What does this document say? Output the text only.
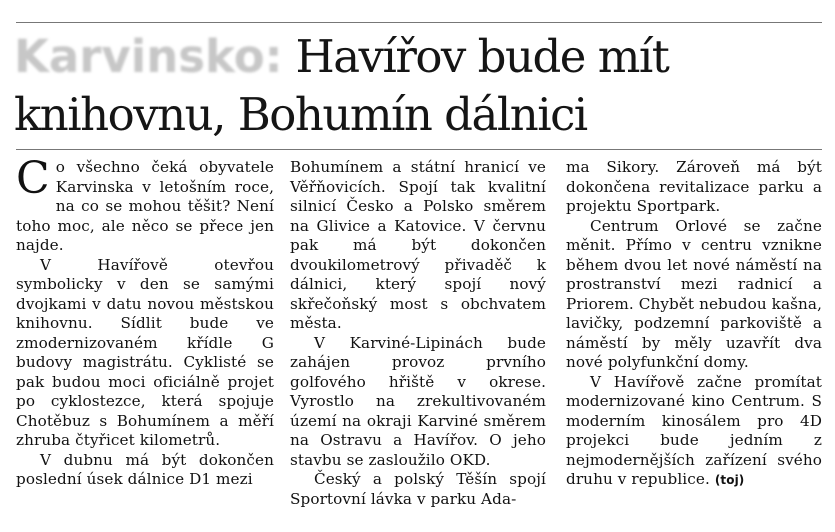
Karvinsko: Havířov bude mít knihovnu, Bohumín dálnici

Co všechno čeká obyvatele Karvinska v letošním roce, na co se mohou těšit? Není toho moc, ale něco se přece jen najde.

V Havířově otevřou symbolicky v den se samými dvojkami v datu novou městskou knihovnu. Sídlit bude ve zmodernizovaném křídle G budovy magistrátu. Cyklisté se pak budou moci oficiálně projet po cyklostezce, která spojuje Chotěbuz s Bohumínem a měří zhruba čtyřicet kilometrů.

V dubnu má být dokončen poslední úsek dálnice D1 mezi

Bohumínem a státní hranicí ve Věřňovicích. Spojí tak kvalitní silnicí Česko a Polsko směrem na Glivice a Katovice. V červnu pak má být dokončen dvoukilometrový přivaděč k dálnici, který spojí nový skřečoňský most s obchvatem města.

V Karviné-Lipinách bude zahájen provoz prvního golfového hřiště v okrese. Vyrostlo na zrekultivovaném území na okraji Karviné směrem na Ostravu a Havířov. O jeho stavbu se zasloužilo OKD.

Český a polský Těšín spojí Sportovní lávka v parku Ada-

ma Sikory. Zároveň má být dokončena revitalizace parku a projektu Sportpark.

Centrum Orlové se začne měnit. Přímo v centru vznikne během dvou let nové náměstí na prostranství mezi radnicí a Priorem. Chybět nebudou kašna, lavičky, podzemní parkoviště a náměstí by měly uzavřít dva nové polyfunkční domy.

V Havířově začne promítat modernizované kino Centrum. S moderním kinosálem pro 4D projekci bude jedním z nejmodernějších zařízení svého druhu v republice. (toj)
